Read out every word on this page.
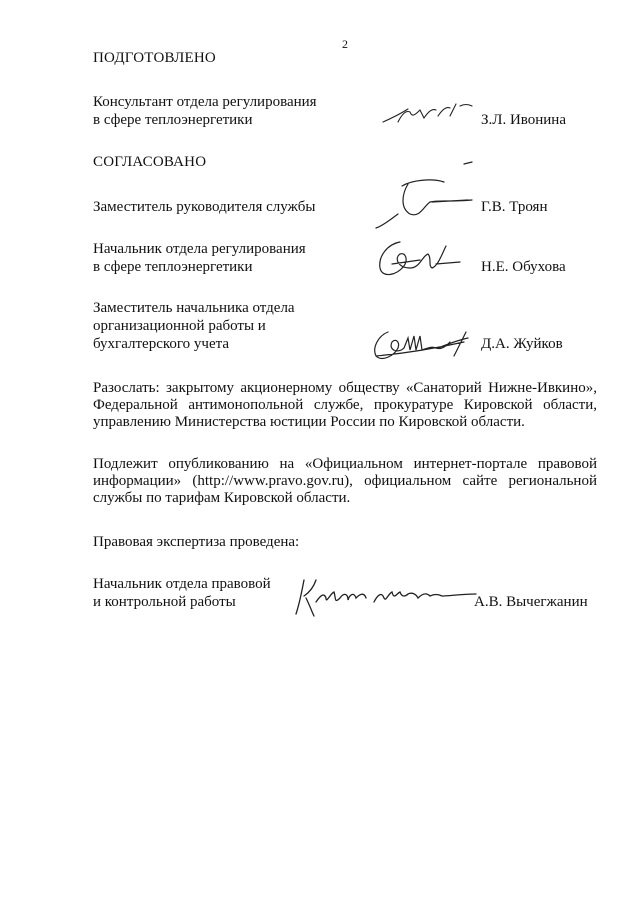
2
ПОДГОТОВЛЕНО
Консультант отдела регулирования
в сфере теплоэнергетики	З.Л. Ивонина
СОГЛАСОВАНО
Заместитель руководителя службы	Г.В. Троян
Начальник отдела регулирования
в сфере теплоэнергетики	Н.Е. Обухова
Заместитель начальника отдела
организационной работы и
бухгалтерского учета	Д.А. Жуйков
Разослать: закрытому акционерному обществу «Санаторий Нижне-Ивкино», Федеральной антимонопольной службе, прокуратуре Кировской области, управлению Министерства юстиции России по Кировской области.
Подлежит опубликованию на «Официальном интернет-портале правовой информации» (http://www.pravo.gov.ru), официальном сайте региональной службы по тарифам Кировской области.
Правовая экспертиза проведена:
Начальник отдела правовой
и контрольной работы	А.В. Вычегжанин
